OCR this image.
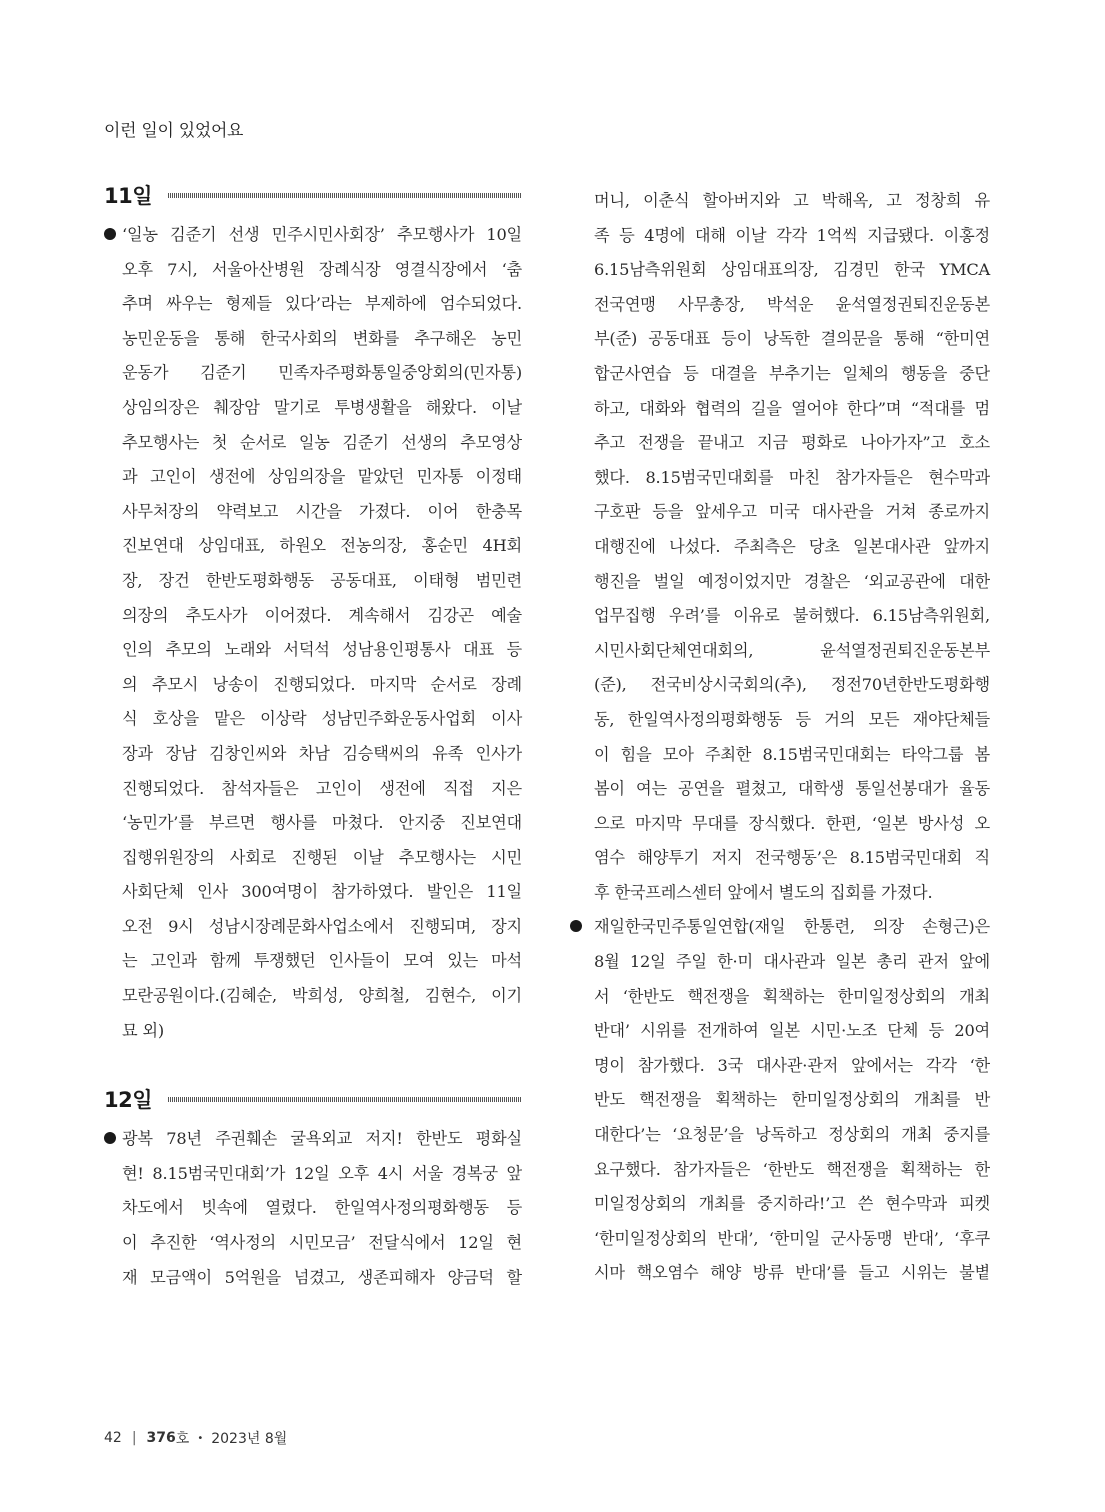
이런 일이 있었어요
11일
‘일농 김준기 선생 민주시민사회장’ 추모행사가 10일
오후 7시, 서울아산병원 장례식장 영결식장에서 ‘춤
추며 싸우는 형제들 있다’라는 부제하에 엄수되었다.
농민운동을 통해 한국사회의 변화를 추구해온 농민
운동가 김준기 민족자주평화통일중앙회의(민자통)
상임의장은 췌장암 말기로 투병생활을 해왔다. 이날
추모행사는 첫 순서로 일농 김준기 선생의 추모영상
과 고인이 생전에 상임의장을 맡았던 민자통 이정태
사무처장의 약력보고 시간을 가졌다. 이어 한충목
진보연대 상임대표, 하원오 전농의장, 홍순민 4H회
장, 장건 한반도평화행동 공동대표, 이태형 범민련
의장의 추도사가 이어졌다. 계속해서 김강곤 예술
인의 추모의 노래와 서덕석 성남용인평통사 대표 등
의 추모시 낭송이 진행되었다. 마지막 순서로 장례
식 호상을 맡은 이상락 성남민주화운동사업회 이사
장과 장남 김창인씨와 차남 김승택씨의 유족 인사가
진행되었다. 참석자들은 고인이 생전에 직접 지은
‘농민가’를 부르면 행사를 마쳤다. 안지중 진보연대
집행위원장의 사회로 진행된 이날 추모행사는 시민
사회단체 인사 300여명이 참가하였다. 발인은 11일
오전 9시 성남시장례문화사업소에서 진행되며, 장지
는 고인과 함께 투쟁했던 인사들이 모여 있는 마석
모란공원이다.(김혜순, 박희성, 양희철, 김현수, 이기
묘 외)
12일
광복 78년 주권훼손 굴욕외교 저지! 한반도 평화실
현! 8.15범국민대회’가 12일 오후 4시 서울 경복궁 앞
차도에서 빗속에 열렸다. 한일역사정의평화행동 등
이 추진한 ‘역사정의 시민모금’ 전달식에서 12일 현
재 모금액이 5억원을 넘겼고, 생존피해자 양금덕 할
머니, 이춘식 할아버지와 고 박해옥, 고 정창희 유
족 등 4명에 대해 이날 각각 1억씩 지급됐다. 이홍정
6.15남측위원회 상임대표의장, 김경민 한국 YMCA
전국연맹 사무총장, 박석운 윤석열정권퇴진운동본
부(준) 공동대표 등이 낭독한 결의문을 통해 “한미연
합군사연습 등 대결을 부추기는 일체의 행동을 중단
하고, 대화와 협력의 길을 열어야 한다”며 “적대를 멈
추고 전쟁을 끝내고 지금 평화로 나아가자”고 호소
했다. 8.15범국민대회를 마친 참가자들은 현수막과
구호판 등을 앞세우고 미국 대사관을 거쳐 종로까지
대행진에 나섰다. 주최측은 당초 일본대사관 앞까지
행진을 벌일 예정이었지만 경찰은 ‘외교공관에 대한
업무집행 우려’를 이유로 불허했다. 6.15남측위원회,
시민사회단체연대회의, 윤석열정권퇴진운동본부
(준), 전국비상시국회의(추), 정전70년한반도평화행
동, 한일역사정의평화행동 등 거의 모든 재야단체들
이 힘을 모아 주최한 8.15범국민대회는 타악그룹 봄
봄이 여는 공연을 펼쳤고, 대학생 통일선봉대가 율동
으로 마지막 무대를 장식했다. 한편, ‘일본 방사성 오
염수 해양투기 저지 전국행동’은 8.15범국민대회 직
후 한국프레스센터 앞에서 별도의 집회를 가졌다.
재일한국민주통일연합(재일 한통련, 의장 손형근)은
8월 12일 주일 한·미 대사관과 일본 총리 관저 앞에
서 ‘한반도 핵전쟁을 획책하는 한미일정상회의 개최
반대’ 시위를 전개하여 일본 시민·노조 단체 등 20여
명이 참가했다. 3국 대사관·관저 앞에서는 각각 ‘한
반도 핵전쟁을 획책하는 한미일정상회의 개최를 반
대한다’는 ‘요청문’을 낭독하고 정상회의 개최 중지를
요구했다. 참가자들은 ‘한반도 핵전쟁을 획책하는 한
미일정상회의 개최를 중지하라!’고 쓴 현수막과 피켓
‘한미일정상회의 반대’, ‘한미일 군사동맹 반대’, ‘후쿠
시마 핵오염수 해양 방류 반대’를 들고 시위는 불볕
42 | 376 호 • 2023년 8월
